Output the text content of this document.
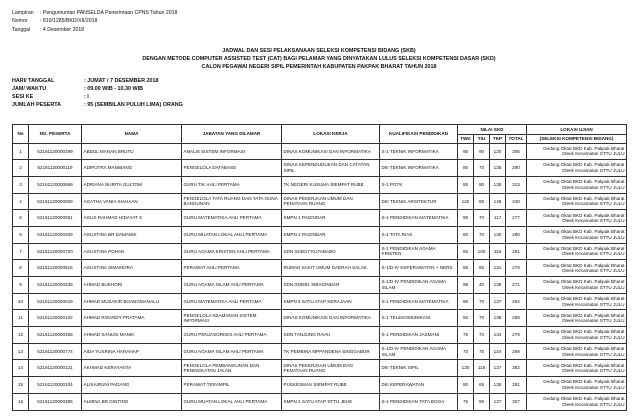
Lampiran	: Pengumuman PANSELDA Penerimaan CPNS Tahun 2018
Nomor	: 810/1285/BKD/XII/2018
Tanggal	: 4 Desember 2018
JADWAL DAN SESI PELAKSANAAN SELEKSI KOMPETENSI BIDANG (SKB)
DENGAN METODE COMPUTER ASSISTED TEST (CAT) BAGI PELAMAR YANG DINYATAKAN LULUS SELEKSI KOMPETENSI DASAR (SKD)
CALON PEGAWAI NEGERI SIPIL PEMERINTAH KABUPATEN PAKPAK BHARAT TAHUN 2018
HARI/ TANGGAL	: JUMAT / 7 DESEMBER 2018
JAM/ WAKTU	: 09.00 WIB - 10.30 WIB
SESI KE	: I
JUMLAH PESERTA	: 95 (SEMBILAN PULUH LIMA) ORANG
No	NO. PESERTA	NAMA	JABATAN YANG DILAMAR	LOKASI KERJA	KUALIFIKASI PENDIDIKAN	NILAI SKD				LOKASI UJIAN
						TWK	TIU	TKP	TOTAL	(SELEKSI KOMPETENSI BIDANG)
1	52161120000299	ABDUL MANAN BRUTU	ANALIS SISTEM INFORMASI	DINAS KOMUNIKASI DAN INFORMATIKA	S-1 TEKNIK INFORMATIKA	95	90	120	305	Gedung Oktat BKD Kab. Pakpak Bharat
Oleek Kecamatan STTU JULU

2	52161120000119	ADIPUTRA MANIBANG	PENGELOLA DATABASE	DINAS KEPENDUDUKAN DAN CATATAN SIPIL	DIII TEKNIK INFORMATIKA	85	70	135	290	Gedung Oktat BKD Kab. Pakpak Bharat
Oleek Kecamatan STTU JULU

3	52161120000569	ADRIANA NURITA GULTOM	GURU TIK AHLI PERTAMA	TK NEGERI KUSUMA SIEMPAT RUBE	S-1 PGTK	85	90	138	313	Gedung Oktat BKD Kab. Pakpak Bharat
Oleek Kecamatan STTU JULU

4	52161120000009	AGATHA VANIA SIAHAAN	PENGELOLA TATA RUANG DAN TATA GUNA BANGUNAN	DINAS PEKERJAAN UMUM DAN PENATAAN RUANG	DIII TEKNIK ARSITEKTUR	120	80	148	348	Gedung Oktat BKD Kab. Pakpak Bharat
Oleek Kecamatan STTU JULU

5	52161120000061	AGUS RAHMAD HIDAYAT S	GURU MATEMATIKA AHLI PERTAMA	SMPN 1 PAGINDAR	S-1 PENDIDIKAN MATEMATIKA	90	70	117	277	Gedung Oktat BKD Kab. Pakpak Bharat
Oleek Kecamatan STTU JULU

6	52161120000309	AGUSTINA BR DAMANIK	GURU MUATAN LOKAL AHLI PERTAMA	SMPN 1 PAGINDAR	S-1 TATA RIAS	60	70	130	260	Gedung Oktat BKD Kab. Pakpak Bharat
Oleek Kecamatan STTU JULU

7	52161120000720	AGUSTINA POHAN	GURU AGAMA KRISTEN AHLI PERTAMA	SDN 034817 KUTABABO	S-1 PENDIDIKAN AGAMA KRISTEN	65	100	116	281	Gedung Oktat BKD Kab. Pakpak Bharat
Oleek Kecamatan STTU JULU

8	52161120000916	AGUSTINA SIMAMORA	PERAWAT AHLI PERTAMA	RUMAH SAKIT UMUM DAERAH SALAK	S-1/D-IV KEPERAWATAN + NERS	85	60	131	276	Gedung Oktat BKD Kab. Pakpak Bharat
Oleek Kecamatan STTU JULU

9	52161120000338	AHMAD BUKHORI	GURU AGAMA ISLAM AHLI PERTAMA	SDN 030891 SIBAGINDAR	S-1/D-IV PENDIDIKAN AGAMA ISLAM	95	40	136	271	Gedung Oktat BKD Kab. Pakpak Bharat
Oleek Kecamatan STTU JULU

10	52161120000019	AHMAD MUZAKIR BOANGMANALU	GURU MATEMATIKA AHLI PERTAMA	SMPN 5 SATU ATAP KERAJAAN	S-1 PENDIDIKAN MATEMATIKA	85	70	137	292	Gedung Oktat BKD Kab. Pakpak Bharat
Oleek Kecamatan STTU JULU

11	52161120000102	AHMAD RISANDY PRATAMA	PENGELOLA KEAMANAN SISTEM INFORMASI	DINAS KOMUNIKASI DAN INFORMATIKA	S-1 TELEKOMUNIKASI	50	70	138	258	Gedung Oktat BKD Kab. Pakpak Bharat
Oleek Kecamatan STTU JULU

12	52161120000366	AHMAD SANUSI MANIK	GURU PENJASORKES AHLI PERTAMA	SDN TANJUNG RAHU	S-1 PENDIDIKAN JASMANI	75	70	134	279	Gedung Oktat BKD Kab. Pakpak Bharat
Oleek Kecamatan STTU JULU

13	52161120000774	AIDA YUSRINA HARAHAP	GURU AGAMA ISLAM AHLI PERTAMA	TK PEMBINA MPPANDENA SINGGABUR	S-1/D-IV PENDIDIKAN AGAMA ISLAM	70	75	124	269	Gedung Oktat BKD Kab. Pakpak Bharat
Oleek Kecamatan STTU JULU

14	52161120000121	AKHMAD KERAYANTA	PENGELOLA PEMBANGUNAN DAN PENINGKATAN JALAN	DINAS PEKERJAAN UMUM DAN PENATAAN RUANG	DIII TEKNIK SIPIL	130	115	137	382	Gedung Oktat BKD Kab. Pakpak Bharat
Oleek Kecamatan STTU JULU

15	52161120000104	ALISAIRUNI PADANG	PERAWAT TERAMPIL	PUSKESMAS SIEMPAT RUBE	DIII KEPERAWATAN	80	65	136	281	Gedung Oktat BKD Kab. Pakpak Bharat
Oleek Kecamatan STTU JULU

16	52161120000385	ALMINA BR GINTING	GURU MUATAN LOKAL AHLI PERTAMA	SMPN 4 SATU ATAP STTU JEHE	S-1 PENDIDIKAN TATA BOGA	75	95	137	307	Gedung Oktat BKD Kab. Pakpak Bharat
Oleek Kecamatan STTU JULU
